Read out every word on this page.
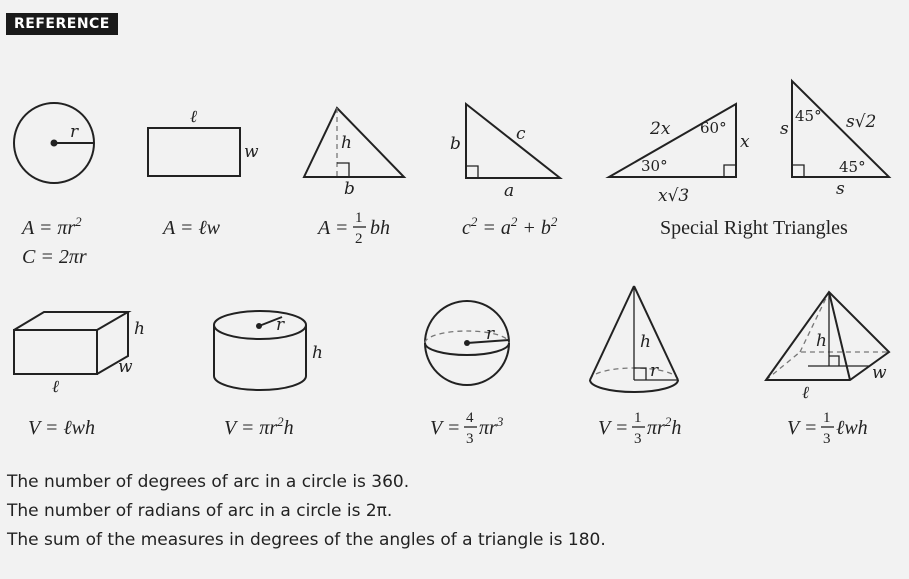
REFERENCE
r
$A = \pi r^2$
C = 2πr
ℓ
w
A = ℓw
h
b
A = 1
2 bh
b	c
a
$c^2 = a^2 + b^2$
2x 60°
x
30°
x√3
s
45° s√2
45°
s
Special Right Triangles
h
w
ℓ
V = ℓwh
r
h
$V = \pi r^2h$
r
V = 4
3 $\pi r^3$
h
r
V = 1
3 $\pi r^2h$
h
w
ℓ
V = 1
3 ℓwh
The number of degrees of arc in a circle is 360.
The number of radians of arc in a circle is 2π.
The sum of the measures in degrees of the angles of a triangle is 180.
